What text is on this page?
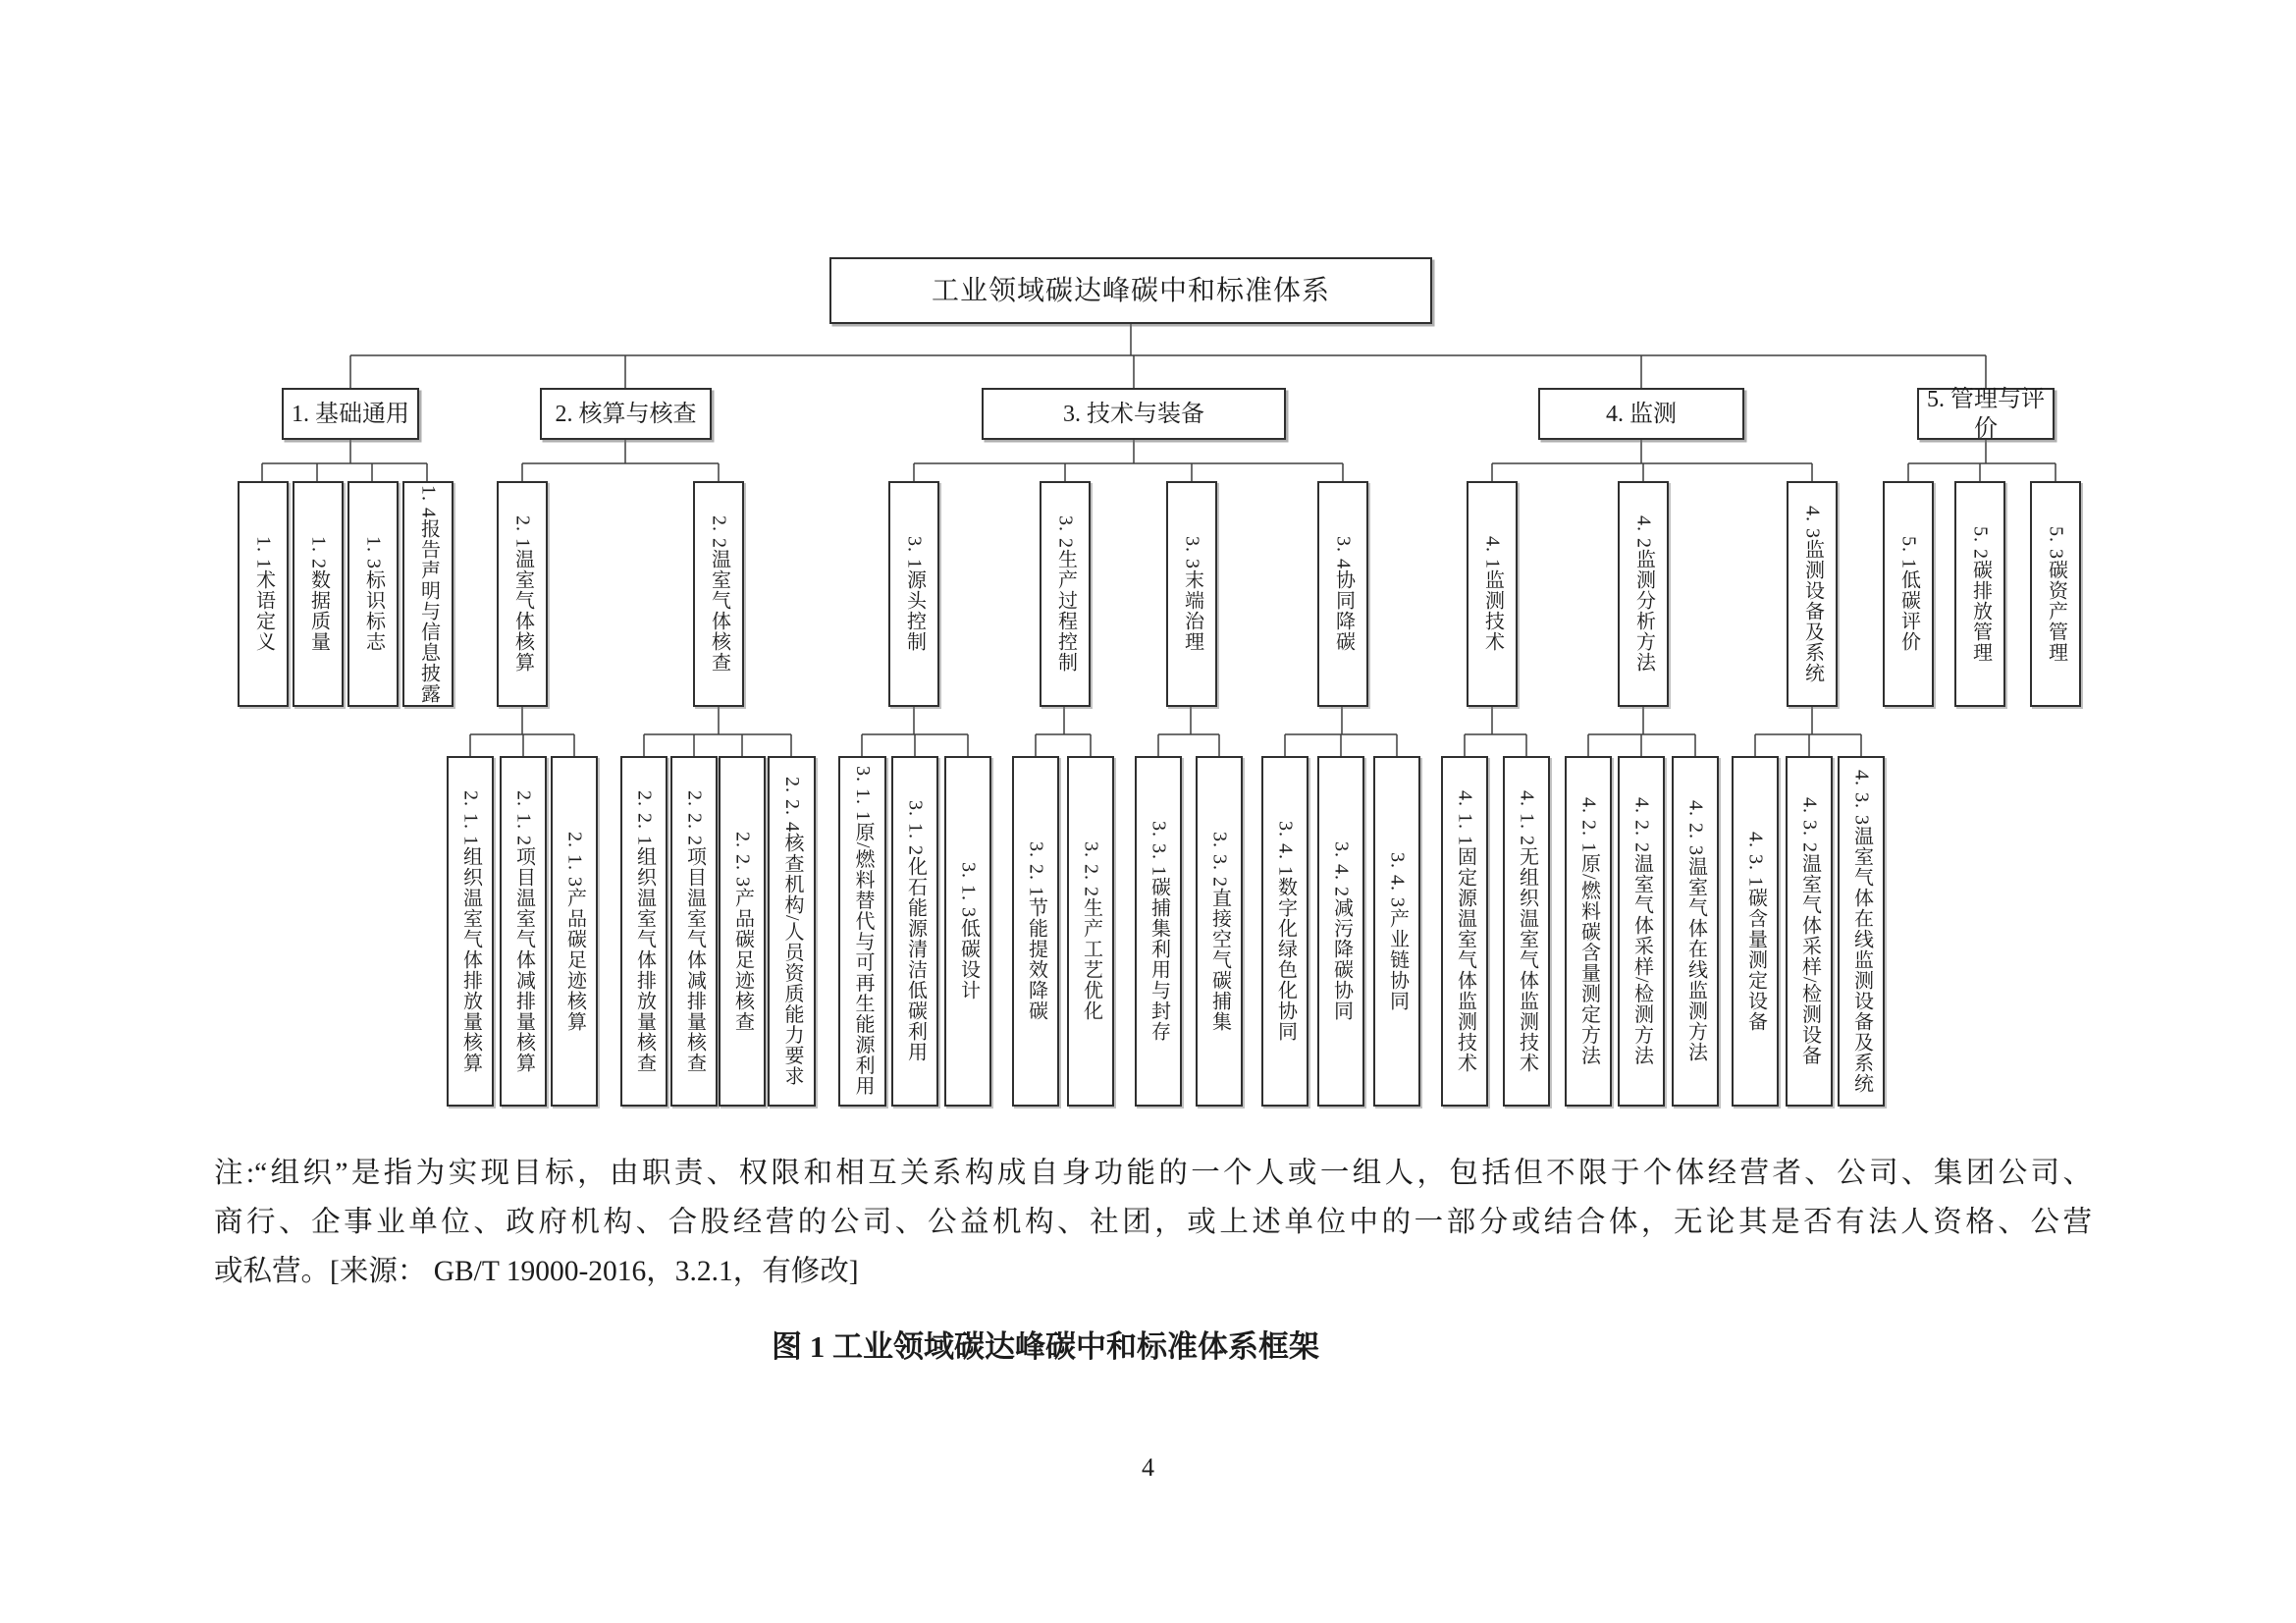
工业领域碳达峰碳中和标准体系
1. 基础通用	2. 核算与核查	3. 技术与装备	4. 监测
5. 管理与评价
1. 1术语定义	1. 2数据质量	1. 3标识标志	1. 4报告声明与信息披露	2. 1温室气体核算	2. 2温室气体核查	3. 1源头控制	3. 2生产过程控制	3. 3末端治理	3. 4协同降碳	4. 1监测技术	4. 2监测分析方法	4. 3监测设备及系统	5. 1低碳评价	5. 2碳排放管理	5. 3碳资产管理
2. 1. 1组织温室气体排放量核算	2. 1. 2项目温室气体减排量核算	2. 1. 3产品碳足迹核算	2. 2. 1组织温室气体排放量核查	2. 2. 2项目温室气体减排量核查	2. 2. 3产品碳足迹核查	2. 2. 4核查机构/人员资质能力要求	3. 1. 1原/燃料替代与可再生能源利用	3. 1. 2化石能源清洁低碳利用	3. 1. 3低碳设计	3. 2. 1节能提效降碳	3. 2. 2生产工艺优化	3. 3. 1碳捕集利用与封存	3. 3. 2直接空气碳捕集	3. 4. 1数字化绿色化协同	3. 4. 2减污降碳协同	3. 4. 3产业链协同	4. 1. 1固定源温室气体监测技术	4. 1. 2无组织温室气体监测技术	4. 2. 1原/燃料碳含量测定方法	4. 2. 2温室气体采样/检测方法	4. 2. 3温室气体在线监测方法	4. 3. 1碳含量测定设备	4. 3. 2温室气体采样/检测设备	4. 3. 3温室气体在线监测设备及系统
注:“组织”是指为实现目标，由职责、权限和相互关系构成自身功能的一个人或一组人，包括但不限于个体经营者、公司、集团公司、
商行、企事业单位、政府机构、合股经营的公司、公益机构、社团，或上述单位中的一部分或结合体，无论其是否有法人资格、公营
或私营。[来源： GB/T 19000-2016，3.2.1，有修改]
图 1 工业领域碳达峰碳中和标准体系框架
4
